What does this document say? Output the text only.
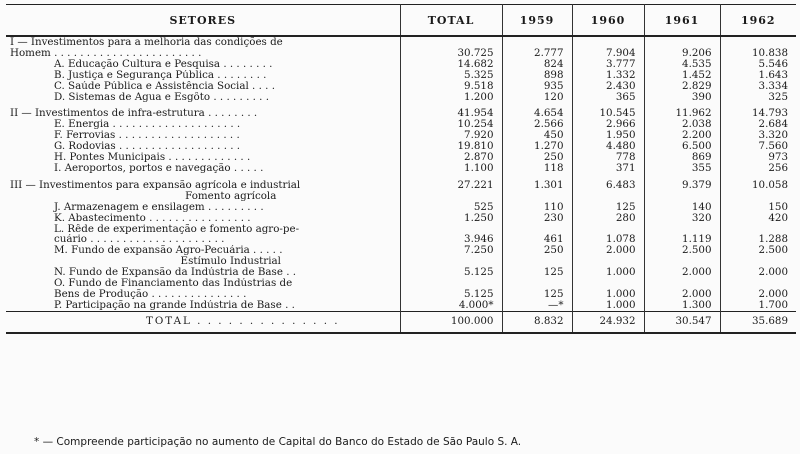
SETORES	TOTAL	1959	1960	1961	1962
I — Investimentos para a melhoria das condições de					
Homem . . . . . . . . . . . . . . . . . . . . . . .	30.725	2.777	7.904	9.206	10.838
A. Educação Cultura e Pesquisa . . . . . . . .	14.682	824	3.777	4.535	5.546
B. Justiça e Segurança Pública . . . . . . . .	5.325	898	1.332	1.452	1.643
C. Saúde Pública e Assistência Social . . . .	9.518	935	2.430	2.829	3.334
D. Sistemas de Agua e Esgôto . . . . . . . . .	1.200	120	365	390	325

II — Investimentos de infra-estrutura . . . . . . . .	41.954	4.654	10.545	11.962	14.793
E. Energia . . . . . . . . . . . . . . . . . . . .	10.254	2.566	2.966	2.038	2.684
F. Ferrovias . . . . . . . . . . . . . . . . . . .	7.920	450	1.950	2.200	3.320
G. Rodovias . . . . . . . . . . . . . . . . . . .	19.810	1.270	4.480	6.500	7.560
H. Pontes Municipais . . . . . . . . . . . . .	2.870	250	778	869	973
I. Aeroportos, portos e navegação . . . . .	1.100	118	371	355	256

III — Investimentos para expansão agrícola e industrial	27.221	1.301	6.483	9.379	10.058
Fomento agrícola					
J. Armazenagem e ensilagem . . . . . . . . .	525	110	125	140	150
K. Abastecimento . . . . . . . . . . . . . . . .	1.250	230	280	320	420
L. Rêde de experimentação e fomento agro-pe-					
cuário . . . . . . . . . . . . . . . . . . . . .	3.946	461	1.078	1.119	1.288
M. Fundo de expansão Agro-Pecuária . . . . .	7.250	250	2.000	2.500	2.500
Estímulo Industrial					
N. Fundo de Expansão da Indústria de Base . .	5.125	125	1.000	2.000	2.000
O. Fundo de Financiamento das Indústrias de					
Bens de Produção . . . . . . . . . . . . . . .	5.125	125	1.000	2.000	2.000
P. Participação na grande Indústria de Base . .	4.000*	—*	1.000	1.300	1.700
TOTAL . . . . . . . . . . . . . .	100.000	8.832	24.932	30.547	35.689
* — Compreende participação no aumento de Capital do Banco do Estado de São Paulo S. A.
